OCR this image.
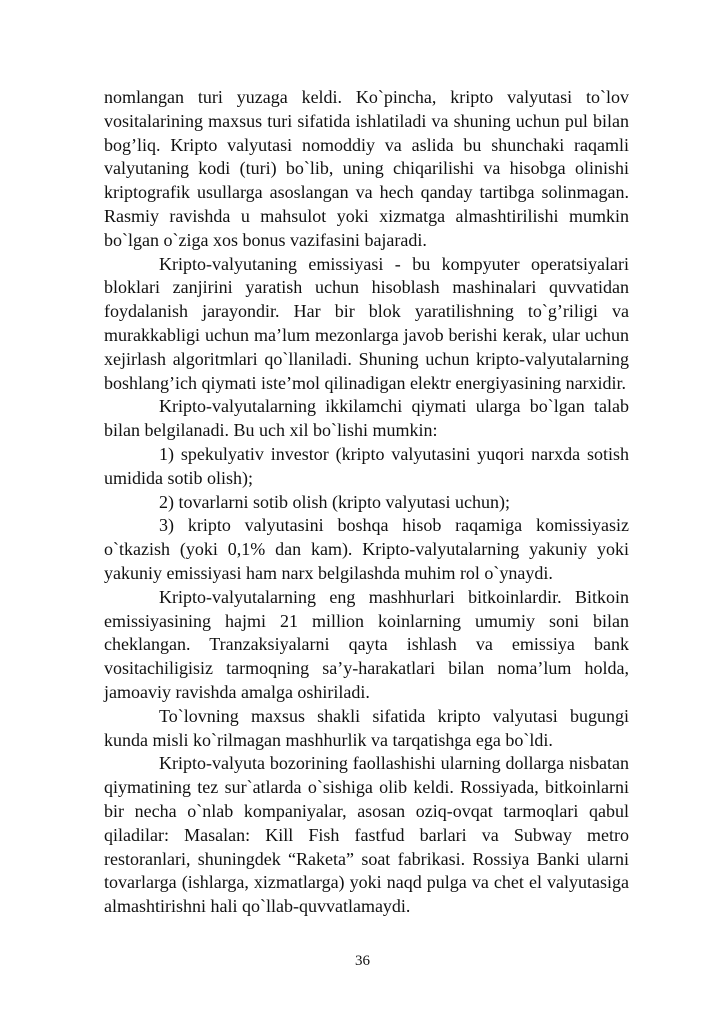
nomlangan turi yuzaga keldi. Ko`pincha, kripto valyutasi to`lov vositalarining maxsus turi sifatida ishlatiladi va shuning uchun pul bilan bog’liq. Kripto valyutasi nomoddiy va aslida bu shunchaki raqamli valyutaning kodi (turi) bo`lib, uning chiqarilishi va hisobga olinishi kriptografik usullarga asoslangan va hech qanday tartibga solinmagan. Rasmiy ravishda u mahsulot yoki xizmatga almashtirilishi mumkin bo`lgan o`ziga xos bonus vazifasini bajaradi.

Kripto-valyutaning emissiyasi - bu kompyuter operatsiyalari bloklari zanjirini yaratish uchun hisoblash mashinalari quvvatidan foydalanish jarayondir. Har bir blok yaratilishning to`g’riligi va murakkabligi uchun ma’lum mezonlarga javob berishi kerak, ular uchun xejirlash algoritmlari qo`llaniladi. Shuning uchun kripto-valyutalarning boshlang’ich qiymati iste’mol qilinadigan elektr energiyasining narxidir.

Kripto-valyutalarning ikkilamchi qiymati ularga bo`lgan talab bilan belgilanadi. Bu uch xil bo`lishi mumkin:

1) spekulyativ investor (kripto valyutasini yuqori narxda sotish umidida sotib olish);

2) tovarlarni sotib olish (kripto valyutasi uchun);

3) kripto valyutasini boshqa hisob raqamiga komissiyasiz o`tkazish (yoki 0,1% dan kam). Kripto-valyutalarning yakuniy yoki yakuniy emissiyasi ham narx belgilashda muhim rol o`ynaydi.

Kripto-valyutalarning eng mashhurlari bitkoinlardir. Bitkoin emissiyasining hajmi 21 million koinlarning umumiy soni bilan cheklangan. Tranzaksiyalarni qayta ishlash va emissiya bank vositachiligisiz tarmoqning sa’y-harakatlari bilan noma’lum holda, jamoaviy ravishda amalga oshiriladi.

To`lovning maxsus shakli sifatida kripto valyutasi bugungi kunda misli ko`rilmagan mashhurlik va tarqatishga ega bo`ldi.

Kripto-valyuta bozorining faollashishi ularning dollarga nisbatan qiymatining tez sur`atlarda o`sishiga olib keldi. Rossiyada, bitkoinlarni bir necha o`nlab kompaniyalar, asosan oziq-ovqat tarmoqlari qabul qiladilar: Masalan: Kill Fish fastfud barlari va Subway metro restoranlari, shuningdek “Raketa” soat fabrikasi. Rossiya Banki ularni tovarlarga (ishlarga, xizmatlarga) yoki naqd pulga va chet el valyutasiga almashtirishni hali qo`llab-quvvatlamaydi.

36
